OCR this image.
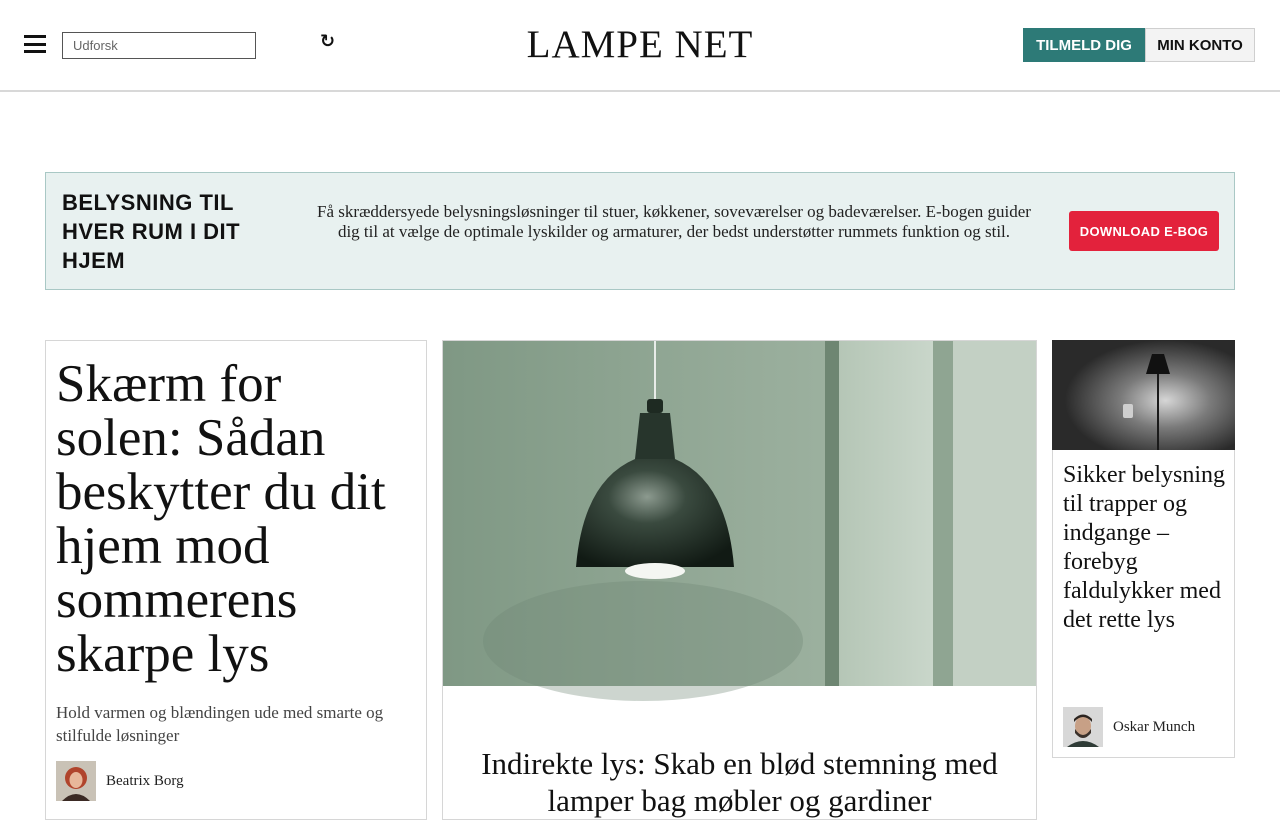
Udforsk
↻	LAMPE NET	TILMELD DIG	MIN KONTO
BELYSNING TIL HVER RUM I DIT HJEM
Få skræddersyede belysningsløsninger til stuer, køkkener, soveværelser og badeværelser. E-bogen guider dig til at vælge de optimale lyskilder og armaturer, der bedst understøtter rummets funktion og stil.	DOWNLOAD E-BOG
Skærm for solen: Sådan beskytter du dit hjem mod sommerens skarpe lys

Hold varmen og blændingen ude med smarte og stilfulde løsninger

Beatrix Borg	Indirekte lys: Skab en blød stemning med lamper bag møbler og gardiner
Sikker belysning til trapper og indgange – forebyg faldulykker med det rette lys
Oskar Munch
